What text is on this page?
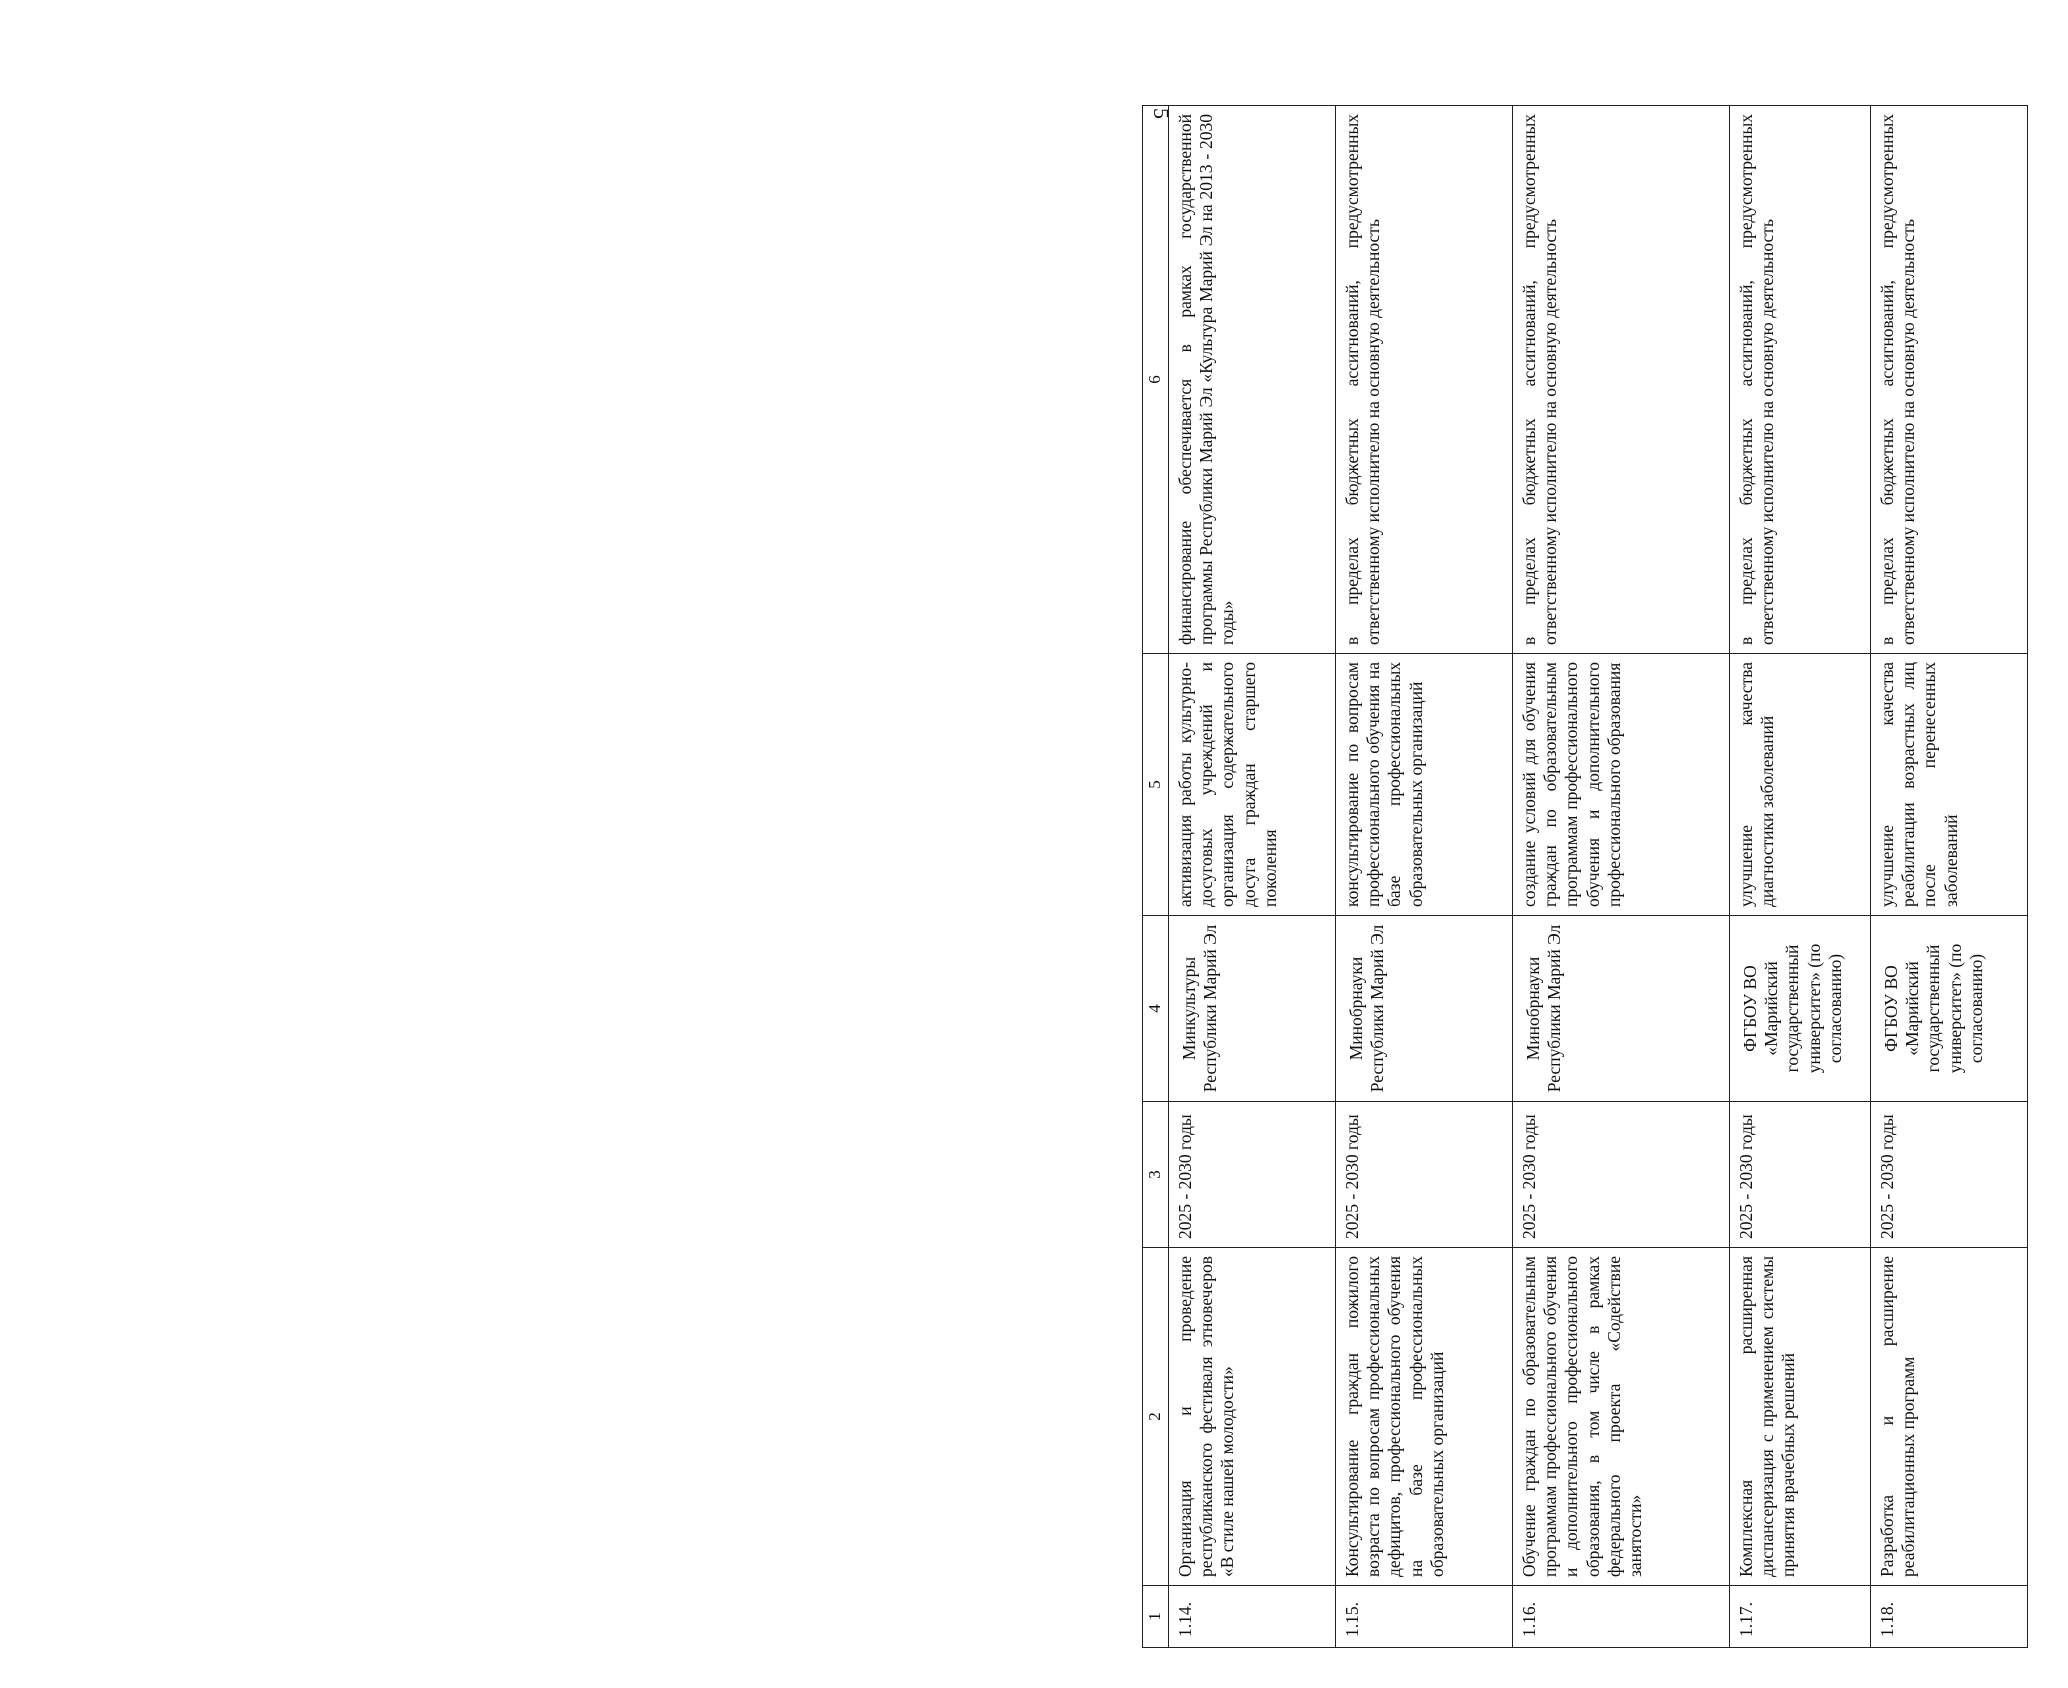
5
1	2	3	4	5	6
1.14.	Организация и проведение республиканского фестиваля этновечеров «В стиле нашей молодости»	2025 - 2030 годы	Минкультуры Республики Марий Эл	активизация работы культурно-досуговых учреждений и организация содержательного досуга граждан старшего поколения	финансирование обеспечивается в рамках государственной программы Республики Марий Эл «Культура Марий Эл на 2013 - 2030 годы»
1.15.	Консультирование граждан пожилого возраста по вопросам профессиональных дефицитов, профессионального обучения на базе профессиональных образовательных организаций	2025 - 2030 годы	Минобрнауки Республики Марий Эл	консультирование по вопросам профессионального обучения на базе профессиональных образовательных организаций	в пределах бюджетных ассигнований, предусмотренных ответственному исполнителю на основную деятельность
1.16.	Обучение граждан по образовательным программам профессионального обучения и дополнительного профессионального образования, в том числе в рамках федерального проекта «Содействие занятости»	2025 - 2030 годы	Минобрнауки Республики Марий Эл	создание условий для обучения граждан по образовательным программам профессионального обучения и дополнительного профессионального образования	в пределах бюджетных ассигнований, предусмотренных ответственному исполнителю на основную деятельность
1.17.	Комплексная расширенная диспансеризация с применением системы принятия врачебных решений	2025 - 2030 годы	ФГБОУ ВО «Марийский государственный университет» (по согласованию)	улучшение качества диагностики заболеваний	в пределах бюджетных ассигнований, предусмотренных ответственному исполнителю на основную деятельность
1.18.	Разработка и расширение реабилитационных программ	2025 - 2030 годы	ФГБОУ ВО «Марийский государственный университет» (по согласованию)	улучшение качества реабилитации возрастных лиц после перенесенных заболеваний	в пределах бюджетных ассигнований, предусмотренных ответственному исполнителю на основную деятельность
